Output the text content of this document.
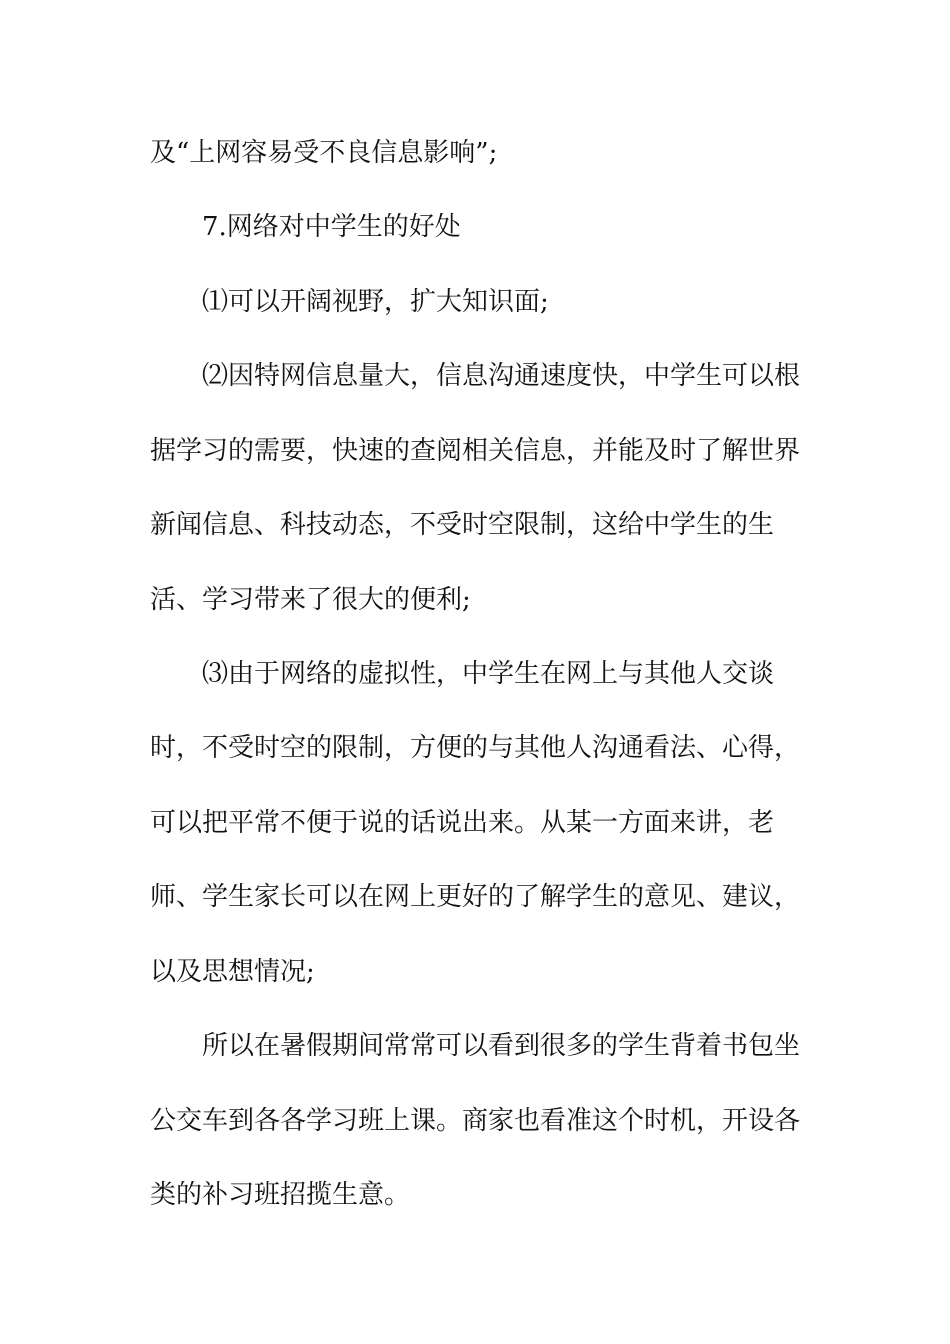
及“上网容易受不良信息影响”;
7.网络对中学生的好处
⑴可以开阔视野，扩大知识面;
⑵因特网信息量大，信息沟通速度快，中学生可以根
据学习的需要，快速的查阅相关信息，并能及时了解世界
新闻信息、科技动态，不受时空限制，这给中学生的生
活、学习带来了很大的便利;
⑶由于网络的虚拟性，中学生在网上与其他人交谈
时，不受时空的限制，方便的与其他人沟通看法、心得，
可以把平常不便于说的话说出来。从某一方面来讲，老
师、学生家长可以在网上更好的了解学生的意见、建议，
以及思想情况;
所以在暑假期间常常可以看到很多的学生背着书包坐
公交车到各各学习班上课。商家也看准这个时机，开设各
类的补习班招揽生意。
